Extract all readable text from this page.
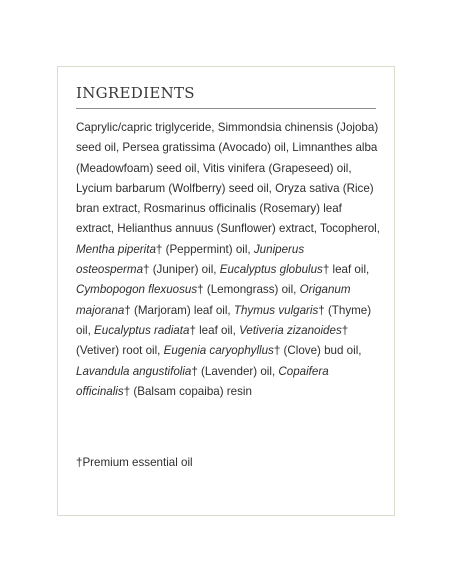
INGREDIENTS

Caprylic/capric triglyceride, Simmondsia chinensis (Jojoba) seed oil, Persea gratissima (Avocado) oil, Limnanthes alba (Meadowfoam) seed oil, Vitis vinifera (Grapeseed) oil, Lycium barbarum (Wolfberry) seed oil, Oryza sativa (Rice) bran extract, Rosmarinus officinalis (Rosemary) leaf extract, Helianthus annuus (Sunflower) extract, Tocopherol, Mentha piperita† (Peppermint) oil, Juniperus osteosperma† (Juniper) oil, Eucalyptus globulus† leaf oil, Cymbopogon flexuosus† (Lemongrass) oil, Origanum majorana† (Marjoram) leaf oil, Thymus vulgaris† (Thyme) oil, Eucalyptus radiata† leaf oil, Vetiveria zizanoides† (Vetiver) root oil, Eugenia caryophyllus† (Clove) bud oil, Lavandula angustifolia† (Lavender) oil, Copaifera officinalis† (Balsam copaiba) resin

†Premium essential oil
